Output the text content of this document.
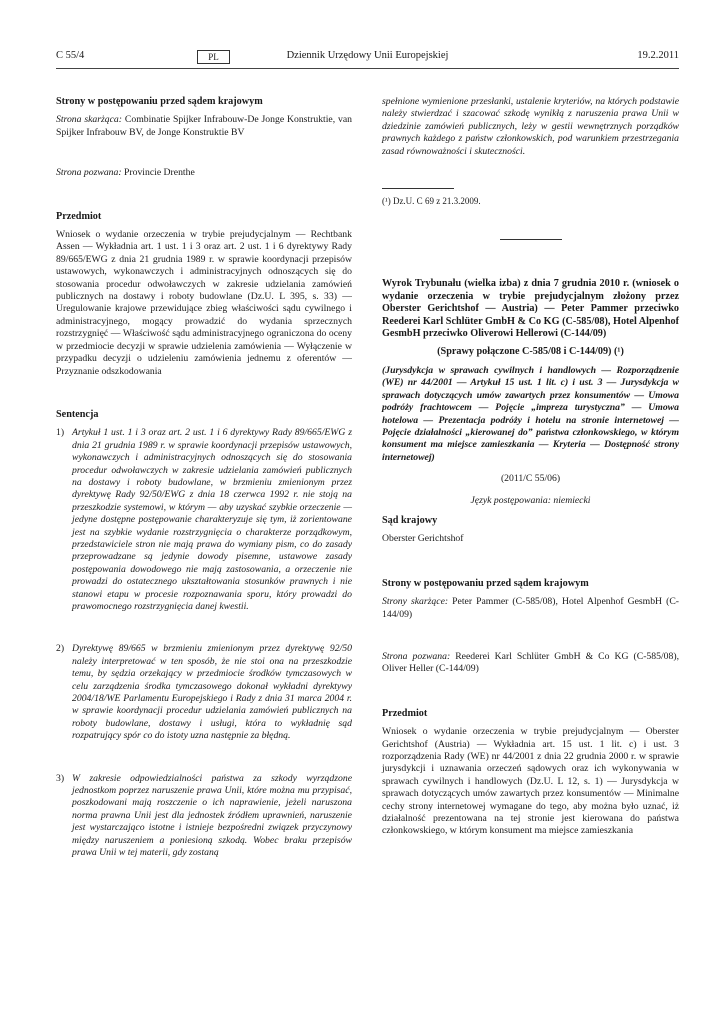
C 55/4	PL	Dziennik Urzędowy Unii Europejskiej	19.2.2011

Strony w postępowaniu przed sądem krajowym

Strona skarżąca: Combinatie Spijker Infrabouw-De Jonge Konstruktie, van Spijker Infrabouw BV, de Jonge Konstruktie BV

Strona pozwana: Provincie Drenthe

Przedmiot

Wniosek o wydanie orzeczenia w trybie prejudycjalnym — Rechtbank Assen — Wykładnia art. 1 ust. 1 i 3 oraz art. 2 ust. 1 i 6 dyrektywy Rady 89/665/EWG z dnia 21 grudnia 1989 r. w sprawie koordynacji przepisów ustawowych, wykonawczych i administracyjnych odnoszących się do stosowania procedur odwoławczych w zakresie udzielania zamówień publicznych na dostawy i roboty budowlane (Dz.U. L 395, s. 33) — Uregulowanie krajowe przewidujące zbieg właściwości sądu cywilnego i administracyjnego, mogący prowadzić do wydania sprzecznych rozstrzygnięć — Właściwość sądu administracyjnego ograniczona do oceny w przedmiocie decyzji w sprawie udzielenia zamówienia — Wyłączenie w przypadku decyzji o udzieleniu zamówienia jednemu z oferentów — Przyznanie odszkodowania

Sentencja

1) Artykuł 1 ust. 1 i 3 oraz art. 2 ust. 1 i 6 dyrektywy Rady 89/665/EWG z dnia 21 grudnia 1989 r. w sprawie koordynacji przepisów ustawowych, wykonawczych i administracyjnych odnoszących się do stosowania procedur odwoławczych w zakresie udzielania zamówień publicznych na dostawy i roboty budowlane, w brzmieniu zmienionym przez dyrektywę Rady 92/50/EWG z dnia 18 czerwca 1992 r. nie stoją na przeszkodzie systemowi, w którym — aby uzyskać szybkie orzeczenie — jedyne dostępne postępowanie charakteryzuje się tym, iż zorientowane jest na szybkie wydanie rozstrzygnięcia o charakterze porządkowym, przedstawiciele stron nie mają prawa do wymiany pism, co do zasady przeprowadzane są jedynie dowody pisemne, ustawowe zasady postępowania dowodowego nie mają zastosowania, a orzeczenie nie prowadzi do ostatecznego ukształtowania stosunków prawnych i nie stanowi etapu w procesie rozpoznawania sporu, który prowadzi do prawomocnego rozstrzygnięcia danej kwestii.
2) Dyrektywę 89/665 w brzmieniu zmienionym przez dyrektywę 92/50 należy interpretować w ten sposób, że nie stoi ona na przeszkodzie temu, by sędzia orzekający w przedmiocie środków tymczasowych w celu zarządzenia środka tymczasowego dokonał wykładni dyrektywy 2004/18/WE Parlamentu Europejskiego i Rady z dnia 31 marca 2004 r. w sprawie koordynacji procedur udzielania zamówień publicznych na roboty budowlane, dostawy i usługi, która to wykładnię sąd rozpatrujący spór co do istoty uzna następnie za błędną.
3) W zakresie odpowiedzialności państwa za szkody wyrządzone jednostkom poprzez naruszenie prawa Unii, które można mu przypisać, poszkodowani mają roszczenie o ich naprawienie, jeżeli naruszona norma prawna Unii jest dla jednostek źródłem uprawnień, naruszenie jest wystarczająco istotne i istnieje bezpośredni związek przyczynowy między naruszeniem a poniesioną szkodą. Wobec braku przepisów prawa Unii w tej materii, gdy zostaną

spełnione wymienione przesłanki, ustalenie kryteriów, na których podstawie należy stwierdzać i szacować szkodę wynikłą z naruszenia prawa Unii w dziedzinie zamówień publicznych, leży w gestii wewnętrznych porządków prawnych każdego z państw członkowskich, pod warunkiem przestrzegania zasad równoważności i skuteczności.

(¹) Dz.U. C 69 z 21.3.2009.

Wyrok Trybunału (wielka izba) z dnia 7 grudnia 2010 r. (wniosek o wydanie orzeczenia w trybie prejudycjalnym złożony przez Oberster Gerichtshof — Austria) — Peter Pammer przeciwko Reederei Karl Schlüter GmbH & Co KG (C-585/08), Hotel Alpenhof GesmbH przeciwko Oliverowi Hellerowi (C-144/09)

(Sprawy połączone C-585/08 i C-144/09) (¹)

(Jurysdykcja w sprawach cywilnych i handlowych — Rozporządzenie (WE) nr 44/2001 — Artykuł 15 ust. 1 lit. c) i ust. 3 — Jurysdykcja w sprawach dotyczących umów zawartych przez konsumentów — Umowa podróży frachtowcem — Pojęcie „impreza turystyczna” — Umowa hotelowa — Prezentacja podróży i hotelu na stronie internetowej — Pojęcie działalności „kierowanej do” państwa członkowskiego, w którym konsument ma miejsce zamieszkania — Kryteria — Dostępność strony internetowej)

(2011/C 55/06)

Język postępowania: niemiecki

Sąd krajowy

Oberster Gerichtshof

Strony w postępowaniu przed sądem krajowym

Strony skarżące: Peter Pammer (C-585/08), Hotel Alpenhof GesmbH (C-144/09)

Strona pozwana: Reederei Karl Schlüter GmbH & Co KG (C-585/08), Oliver Heller (C-144/09)

Przedmiot

Wniosek o wydanie orzeczenia w trybie prejudycjalnym — Oberster Gerichtshof (Austria) — Wykładnia art. 15 ust. 1 lit. c) i ust. 3 rozporządzenia Rady (WE) nr 44/2001 z dnia 22 grudnia 2000 r. w sprawie jurysdykcji i uznawania orzeczeń sądowych oraz ich wykonywania w sprawach cywilnych i handlowych (Dz.U. L 12, s. 1) — Jurysdykcja w sprawach dotyczących umów zawartych przez konsumentów — Minimalne cechy strony internetowej wymagane do tego, aby można było uznać, iż działalność prezentowana na tej stronie jest kierowana do państwa członkowskiego, w którym konsument ma miejsce zamieszkania
